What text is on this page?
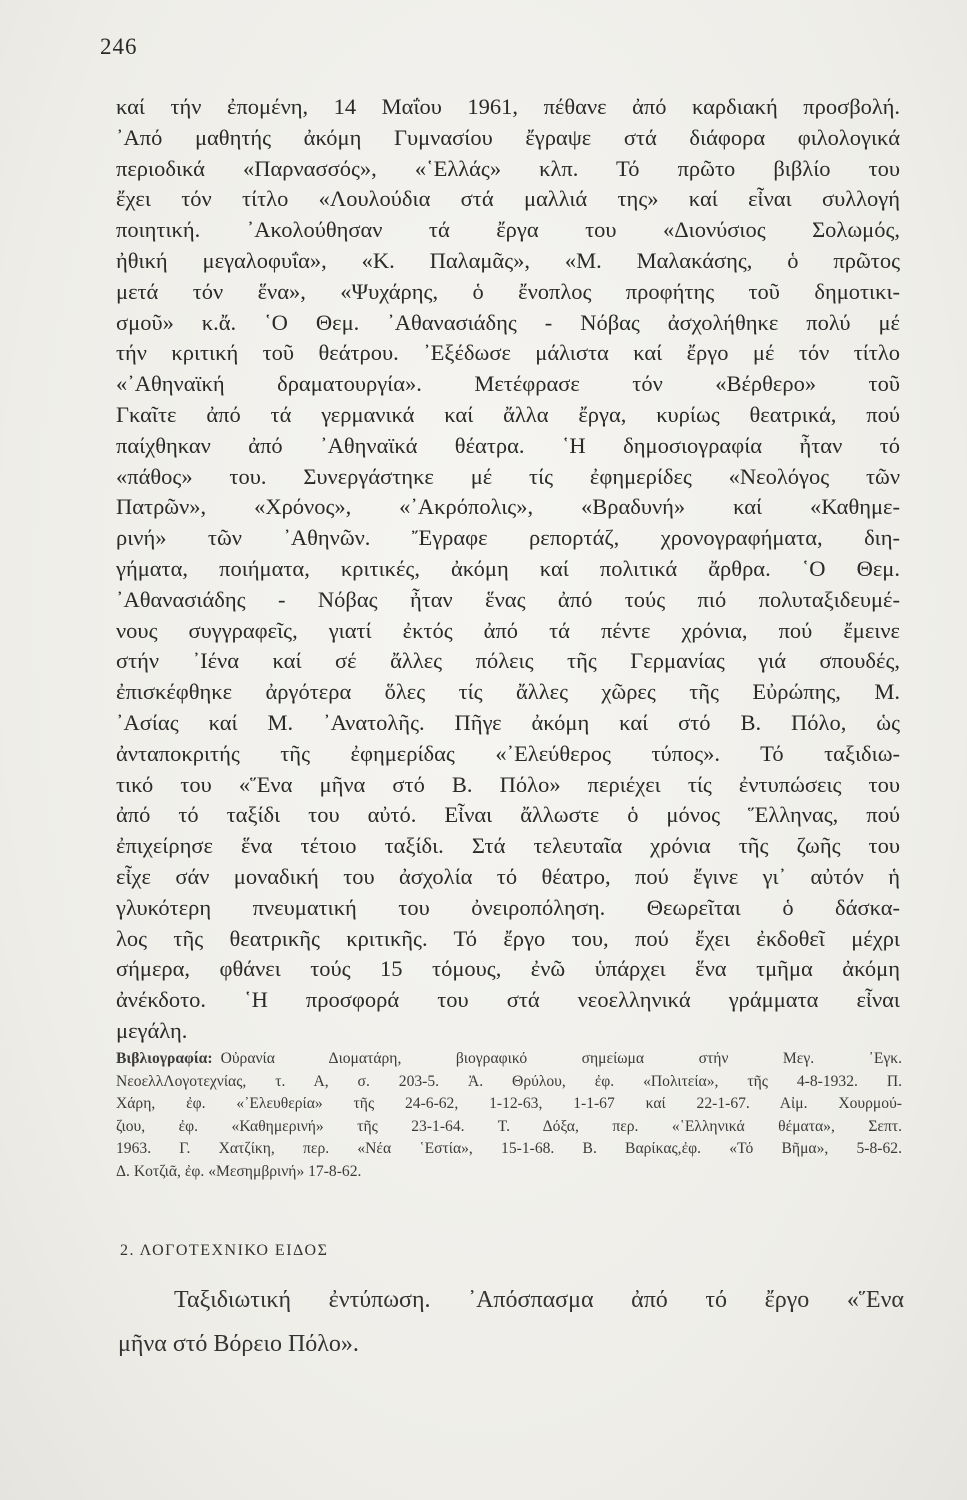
246
καί τήν ἐπομένη, 14 Μαΐου 1961, πέθανε ἀπό καρδιακή προσβολή.
᾿Από μαθητής ἀκόμη Γυμνασίου ἔγραψε στά διάφορα φιλολογικά
περιοδικά «Παρνασσός», «῾Ελλάς» κλπ. Τό πρῶτο βιβλίο του
ἔχει τόν τίτλο «Λουλούδια στά μαλλιά της» καί εἶναι συλλογή
ποιητική. ᾿Ακολούθησαν τά ἔργα του «Διονύσιος Σολωμός,
ἠθική μεγαλοφυΐα», «Κ. Παλαμᾶς», «Μ. Μαλακάσης, ὁ πρῶτος
μετά τόν ἕνα», «Ψυχάρης, ὁ ἔνοπλος προφήτης τοῦ δημοτικι-
σμοῦ» κ.ἄ. ῾Ο Θεμ. ᾿Αθανασιάδης - Νόβας ἀσχολήθηκε πολύ μέ
τήν κριτική τοῦ θεάτρου. ᾿Εξέδωσε μάλιστα καί ἔργο μέ τόν τίτλο
«᾿Αθηναϊκή δραματουργία». Μετέφρασε τόν «Βέρθερο» τοῦ
Γκαῖτε ἀπό τά γερμανικά καί ἄλλα ἔργα, κυρίως θεατρικά, πού
παίχθηκαν ἀπό ᾿Αθηναϊκά θέατρα. ῾Η δημοσιογραφία ἦταν τό
«πάθος» του. Συνεργάστηκε μέ τίς ἐφημερίδες «Νεολόγος τῶν
Πατρῶν», «Χρόνος», «᾿Ακρόπολις», «Βραδυνή» καί «Καθημε-
ρινή» τῶν ᾿Αθηνῶν. Ἔγραφε ρεπορτάζ, χρονογραφήματα, διη-
γήματα, ποιήματα, κριτικές, ἀκόμη καί πολιτικά ἄρθρα. ῾Ο Θεμ.
᾿Αθανασιάδης - Νόβας ἦταν ἕνας ἀπό τούς πιό πολυταξιδευμέ-
νους συγγραφεῖς, γιατί ἐκτός ἀπό τά πέντε χρόνια, πού ἔμεινε
στήν ᾿Ιένα καί σέ ἄλλες πόλεις τῆς Γερμανίας γιά σπουδές,
ἐπισκέφθηκε ἀργότερα ὅλες τίς ἄλλες χῶρες τῆς Εὐρώπης, Μ.
᾿Ασίας καί Μ. ᾿Ανατολῆς. Πῆγε ἀκόμη καί στό Β. Πόλο, ὡς
ἀνταποκριτής τῆς ἐφημερίδας «᾿Ελεύθερος τύπος». Τό ταξιδιω-
τικό του «Ἕνα μῆνα στό Β. Πόλο» περιέχει τίς ἐντυπώσεις του
ἀπό τό ταξίδι του αὐτό. Εἶναι ἄλλωστε ὁ μόνος Ἕλληνας, πού
ἐπιχείρησε ἕνα τέτοιο ταξίδι. Στά τελευταῖα χρόνια τῆς ζωῆς του
εἶχε σάν μοναδική του ἀσχολία τό θέατρο, πού ἔγινε γι᾿ αὐτόν ἡ
γλυκότερη πνευματική του ὀνειροπόληση. Θεωρεῖται ὁ δάσκα-
λος τῆς θεατρικῆς κριτικῆς. Τό ἔργο του, πού ἔχει ἐκδοθεῖ μέχρι
σήμερα, φθάνει τούς 15 τόμους, ἐνῶ ὑπάρχει ἕνα τμῆμα ἀκόμη
ἀνέκδοτο. ῾Η προσφορά του στά νεοελληνικά γράμματα εἶναι
μεγάλη.
Βιβλιογραφία: Οὐρανία Διοματάρη, βιογραφικό σημείωμα στήν Μεγ. ᾿Εγκ.
ΝεοελλΛογοτεχνίας, τ. Α, σ. 203-5. Ἀ. Θρύλου, ἐφ. «Πολιτεία», τῆς 4-8-1932. Π.
Χάρη, ἐφ. «᾿Ελευθερία» τῆς 24-6-62, 1-12-63, 1-1-67 καί 22-1-67. Αἰμ. Χουρμού-
ζιου, ἐφ. «Καθημερινή» τῆς 23-1-64. Τ. Δόξα, περ. «῾Ελληνικά θέματα», Σεπτ.
1963. Γ. Χατζίκη, περ. «Νέα ῾Εστία», 15-1-68. Β. Βαρίκας,ἐφ. «Τό Βῆμα», 5-8-62.
Δ. Κοτζιᾶ, ἐφ. «Μεσημβρινή» 17-8-62.
2. ΛΟΓΟΤΕΧΝΙΚΟ ΕΙΔΟΣ
Ταξιδιωτική ἐντύπωση. ᾿Απόσπασμα ἀπό τό ἔργο «Ἕνα
μῆνα στό Βόρειο Πόλο».
